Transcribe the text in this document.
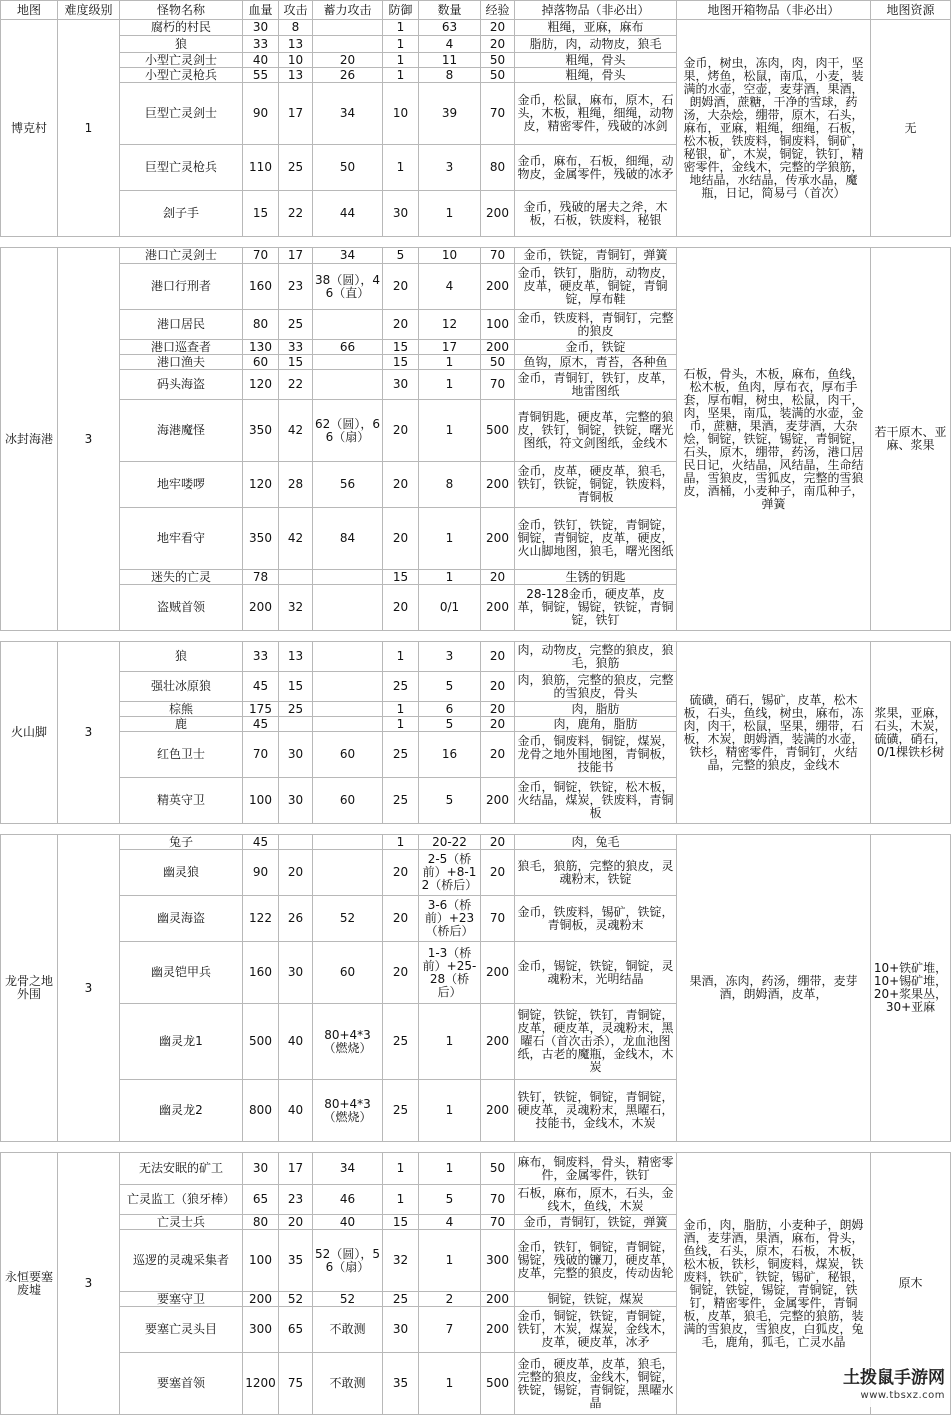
地图	难度级别	怪物名称	血量	攻击	蓄力攻击	防御	数量	经验	掉落物品（非必出）	地图开箱物品（非必出）	地图资源
博克村	1	腐朽的村民	30	8		1	63	20	粗绳，亚麻，麻布	金币，树虫，冻肉，肉，肉干，坚果，烤鱼，松鼠，南瓜，小麦，装满的水壶，空壶，麦芽酒，果酒，朗姆酒，蔗糖，干净的雪球，药汤，大杂烩，绷带，原木，石头，麻布，亚麻，粗绳，细绳，石板，松木板，铁废料，铜废料，铜矿，秘银，矿，木炭，铜锭，铁钉，精密零件，金线木，完整的学狼筋，地结晶，水结晶，传承水晶，魔瓶，日记，简易弓（首次）	无
		狼	33	13		1	4	20	脂肪，肉，动物皮，狼毛		
		小型亡灵剑士	40	10	20	1	11	50	粗绳，骨头		
		小型亡灵枪兵	55	13	26	1	8	50	粗绳，骨头		
		巨型亡灵剑士	90	17	34	10	39	70	金币，松鼠，麻布，原木，石头，木板，粗绳，细绳，动物皮，精密零件，残破的冰剑		
		巨型亡灵枪兵	110	25	50	1	3	80	金币，麻布，石板，细绳，动物皮，金属零件，残破的冰矛		
		刽子手	15	22	44	30	1	200	金币，残破的屠夫之斧，木板，石板，铁废料，秘银		

冰封海港	3	港口亡灵剑士	70	17	34	5	10	70	金币，铁锭，青铜钉，弹簧	石板，骨头，木板，麻布，鱼线，松木板，鱼肉，厚布衣，厚布手套，厚布帽，树虫，松鼠，肉干，肉，坚果，南瓜，装满的水壶，金币，蔗糖，果酒，麦芽酒，大杂烩，铜锭，铁锭，锡锭，青铜锭，石头，原木，绷带，药汤，港口居民日记，火结晶，风结晶，生命结晶，雪狼皮，雪狐皮，完整的雪狼皮，酒桶，小麦种子，南瓜种子，弹簧	若干原木、亚麻、浆果
		港口行刑者	160	23	38（圆），46（直）	20	4	200	金币，铁钉，脂肪，动物皮，皮革，硬皮革，铜锭，青铜锭，厚布鞋		
		港口居民	80	25		20	12	100	金币，铁废料，青铜钉，完整的狼皮		
		港口巡查者	130	33	66	15	17	200	金币，铁锭		
		港口渔夫	60	15		15	1	50	鱼钩，原木，青苔，各种鱼		
		码头海盗	120	22		30	1	70	金币，青铜钉，铁钉，皮革，地雷图纸		
		海港魔怪	350	42	62（圆），66（扇）	20	1	500	青铜钥匙，硬皮革，完整的狼皮，铁钉，铜锭，铁锭，曙光图纸，符文剑图纸，金线木		
		地牢喽啰	120	28	56	20	8	200	金币，皮革，硬皮革，狼毛，铁钉，铁锭，铜锭，铁废料，青铜板		
		地牢看守	350	42	84	20	1	200	金币，铁钉，铁锭，青铜锭，铜锭，青铜锭，皮革，硬皮，火山脚地图，狼毛，曙光图纸		
		迷失的亡灵	78			15	1	20	生锈的钥匙		
		盗贼首领	200	32		20	0/1	200	28-128金币，硬皮革，皮革，铜锭，锡锭，铁锭，青铜锭，铁钉		

火山脚	3	狼	33	13		1	3	20	肉，动物皮，完整的狼皮，狼毛，狼筋	硫磺，硝石，锡矿，皮革，松木板，石头，鱼线，树虫，麻布，冻肉，肉干，松鼠，坚果，绷带，石板，木炭，朗姆酒，装满的水壶，铁杉，精密零件，青铜钉，火结晶，完整的狼皮，金线木	浆果，亚麻，石头，木炭，硫磺，硝石，0/1棵铁杉树
		强壮冰原狼	45	15		25	5	20	肉，狼筋，完整的狼皮，完整的雪狼皮，骨头		
		棕熊	175	25		1	6	20	肉，脂肪		
		鹿	45			1	5	20	肉，鹿角，脂肪		
		红色卫士	70	30	60	25	16	20	金币，铜废料，铜锭，煤炭，龙骨之地外围地图，青铜板，技能书		
		精英守卫	100	30	60	25	5	200	金币，铜锭，铁锭，松木板，火结晶，煤炭，铁废料，青铜板		

龙骨之地外围	3	兔子	45			1	20-22	20	肉，兔毛	果酒，冻肉，药汤，绷带，麦芽酒，朗姆酒，皮革，	10+铁矿堆，10+锡矿堆，20+浆果丛，30+亚麻
		幽灵狼	90	20		20	2-5（桥前）+8-12（桥后）	20	狼毛，狼筋，完整的狼皮，灵魂粉末，铁锭		
		幽灵海盗	122	26	52	20	3-6（桥前）+23（桥后）	70	金币，铁废料，锡矿，铁锭，青铜板，灵魂粉末		
		幽灵铠甲兵	160	30	60	20	1-3（桥前）+25-28（桥后）	200	金币，锡锭，铁锭，铜锭，灵魂粉末，光明结晶		
		幽灵龙1	500	40	80+4*3（燃烧）	25	1	200	铜锭，铁锭，铁钉，青铜锭，皮革，硬皮革，灵魂粉末，黑曜石（首次击杀），龙血池图纸，古老的魔瓶，金线木，木炭		
		幽灵龙2	800	40	80+4*3（燃烧）	25	1	200	铁钉，铁锭，铜锭，青铜锭，硬皮革，灵魂粉末，黑曜石，技能书，金线木，木炭		

永恒要塞废墟	3	无法安眠的矿工	30	17	34	1	1	50	麻布，铜废料，骨头，精密零件，金属零件，铁钉	金币，肉，脂肪，小麦种子，朗姆酒，麦芽酒，果酒，麻布，骨头，鱼线，石头，原木，石板，木板，松木板，铁杉，铜废料，煤炭，铁废料，铁矿，铁锭，锡矿，秘银，铜锭，铁锭，锡锭，青铜锭，铁钉，精密零件，金属零件，青铜板，皮革，狼毛，完整的狼筋，装满的雪狼皮，雪狼皮，白狐皮，兔毛，鹿角，狐毛，亡灵水晶	原木
		亡灵监工（狼牙棒）	65	23	46	1	5	70	石板，麻布，原木，石头，金线木，鱼线，木炭		
		亡灵士兵	80	20	40	15	4	70	金币，青铜钉，铁锭，弹簧		
		巡逻的灵魂采集者	100	35	52（圆），56（扇）	32	1	300	金币，铁钉，铜锭，青铜锭，锡锭，残破的镰刀，硬皮革，皮革，完整的狼皮，传动齿轮		
		要塞守卫	200	52	52	25	2	200	铜锭，铁锭，煤炭		
		要塞亡灵头目	300	65	不敢测	30	7	200	金币，铜锭，铁锭，青铜锭，铁钉，木炭，煤炭，金线木，皮革，硬皮革，冰矛		
		要塞首领	1200	75	不敢测	35	1	500	金币，硬皮革，皮革，狼毛，完整的狼皮，金线木，铜锭，铁锭，锡锭，青铜锭，黑曜水晶		
土拨鼠手游网
www.tbsxz.com
